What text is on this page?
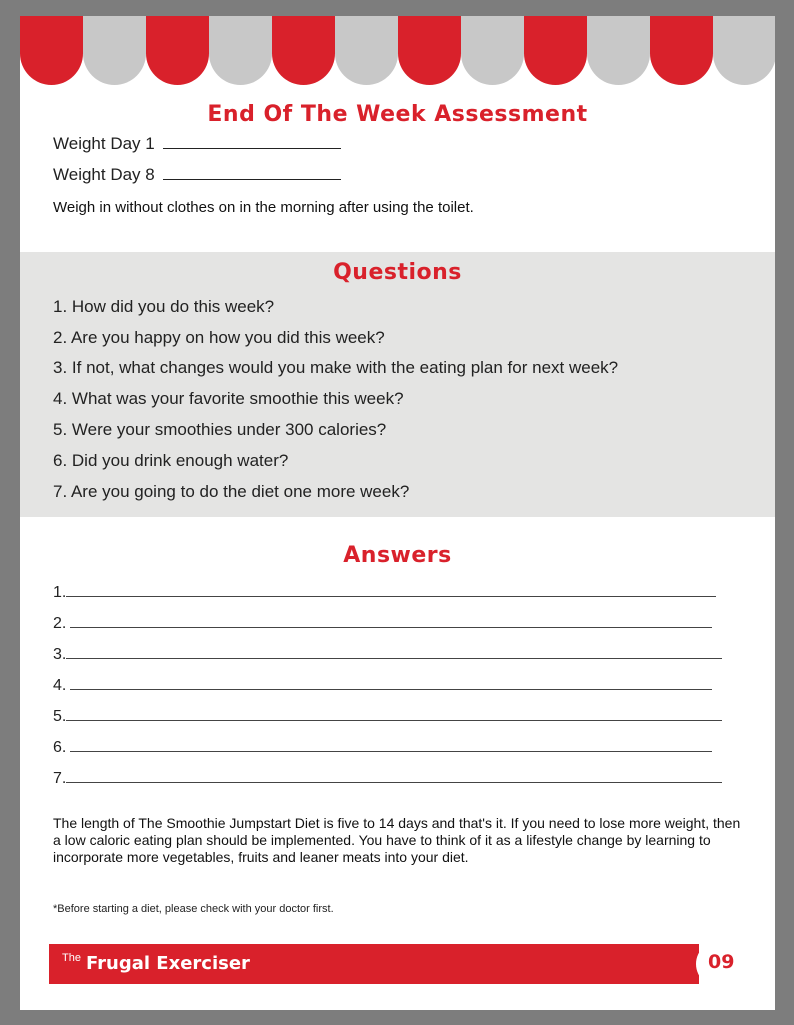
End Of The Week Assessment
Weight Day 1
Weight Day 8
Weigh in without clothes on in the morning after using the toilet.
Questions
1. How did you do this week?
2. Are you happy on how you did this week?
3. If not, what changes would you make with the eating plan for next week?
4. What was your favorite smoothie this week?
5. Were your smoothies under 300 calories?
6. Did you drink enough water?
7. Are you going to do the diet one more week?
Answers
1.
2.
3.
4.
5.
6.
7.
The length of The Smoothie Jumpstart Diet is five to 14 days and that's it. If you need to lose more weight, then a low caloric eating plan should be implemented. You have to think of it as a lifestyle change by learning to incorporate more vegetables, fruits and leaner meats into your diet.
*Before starting a diet, please check with your doctor first.
The Frugal Exerciser	09
